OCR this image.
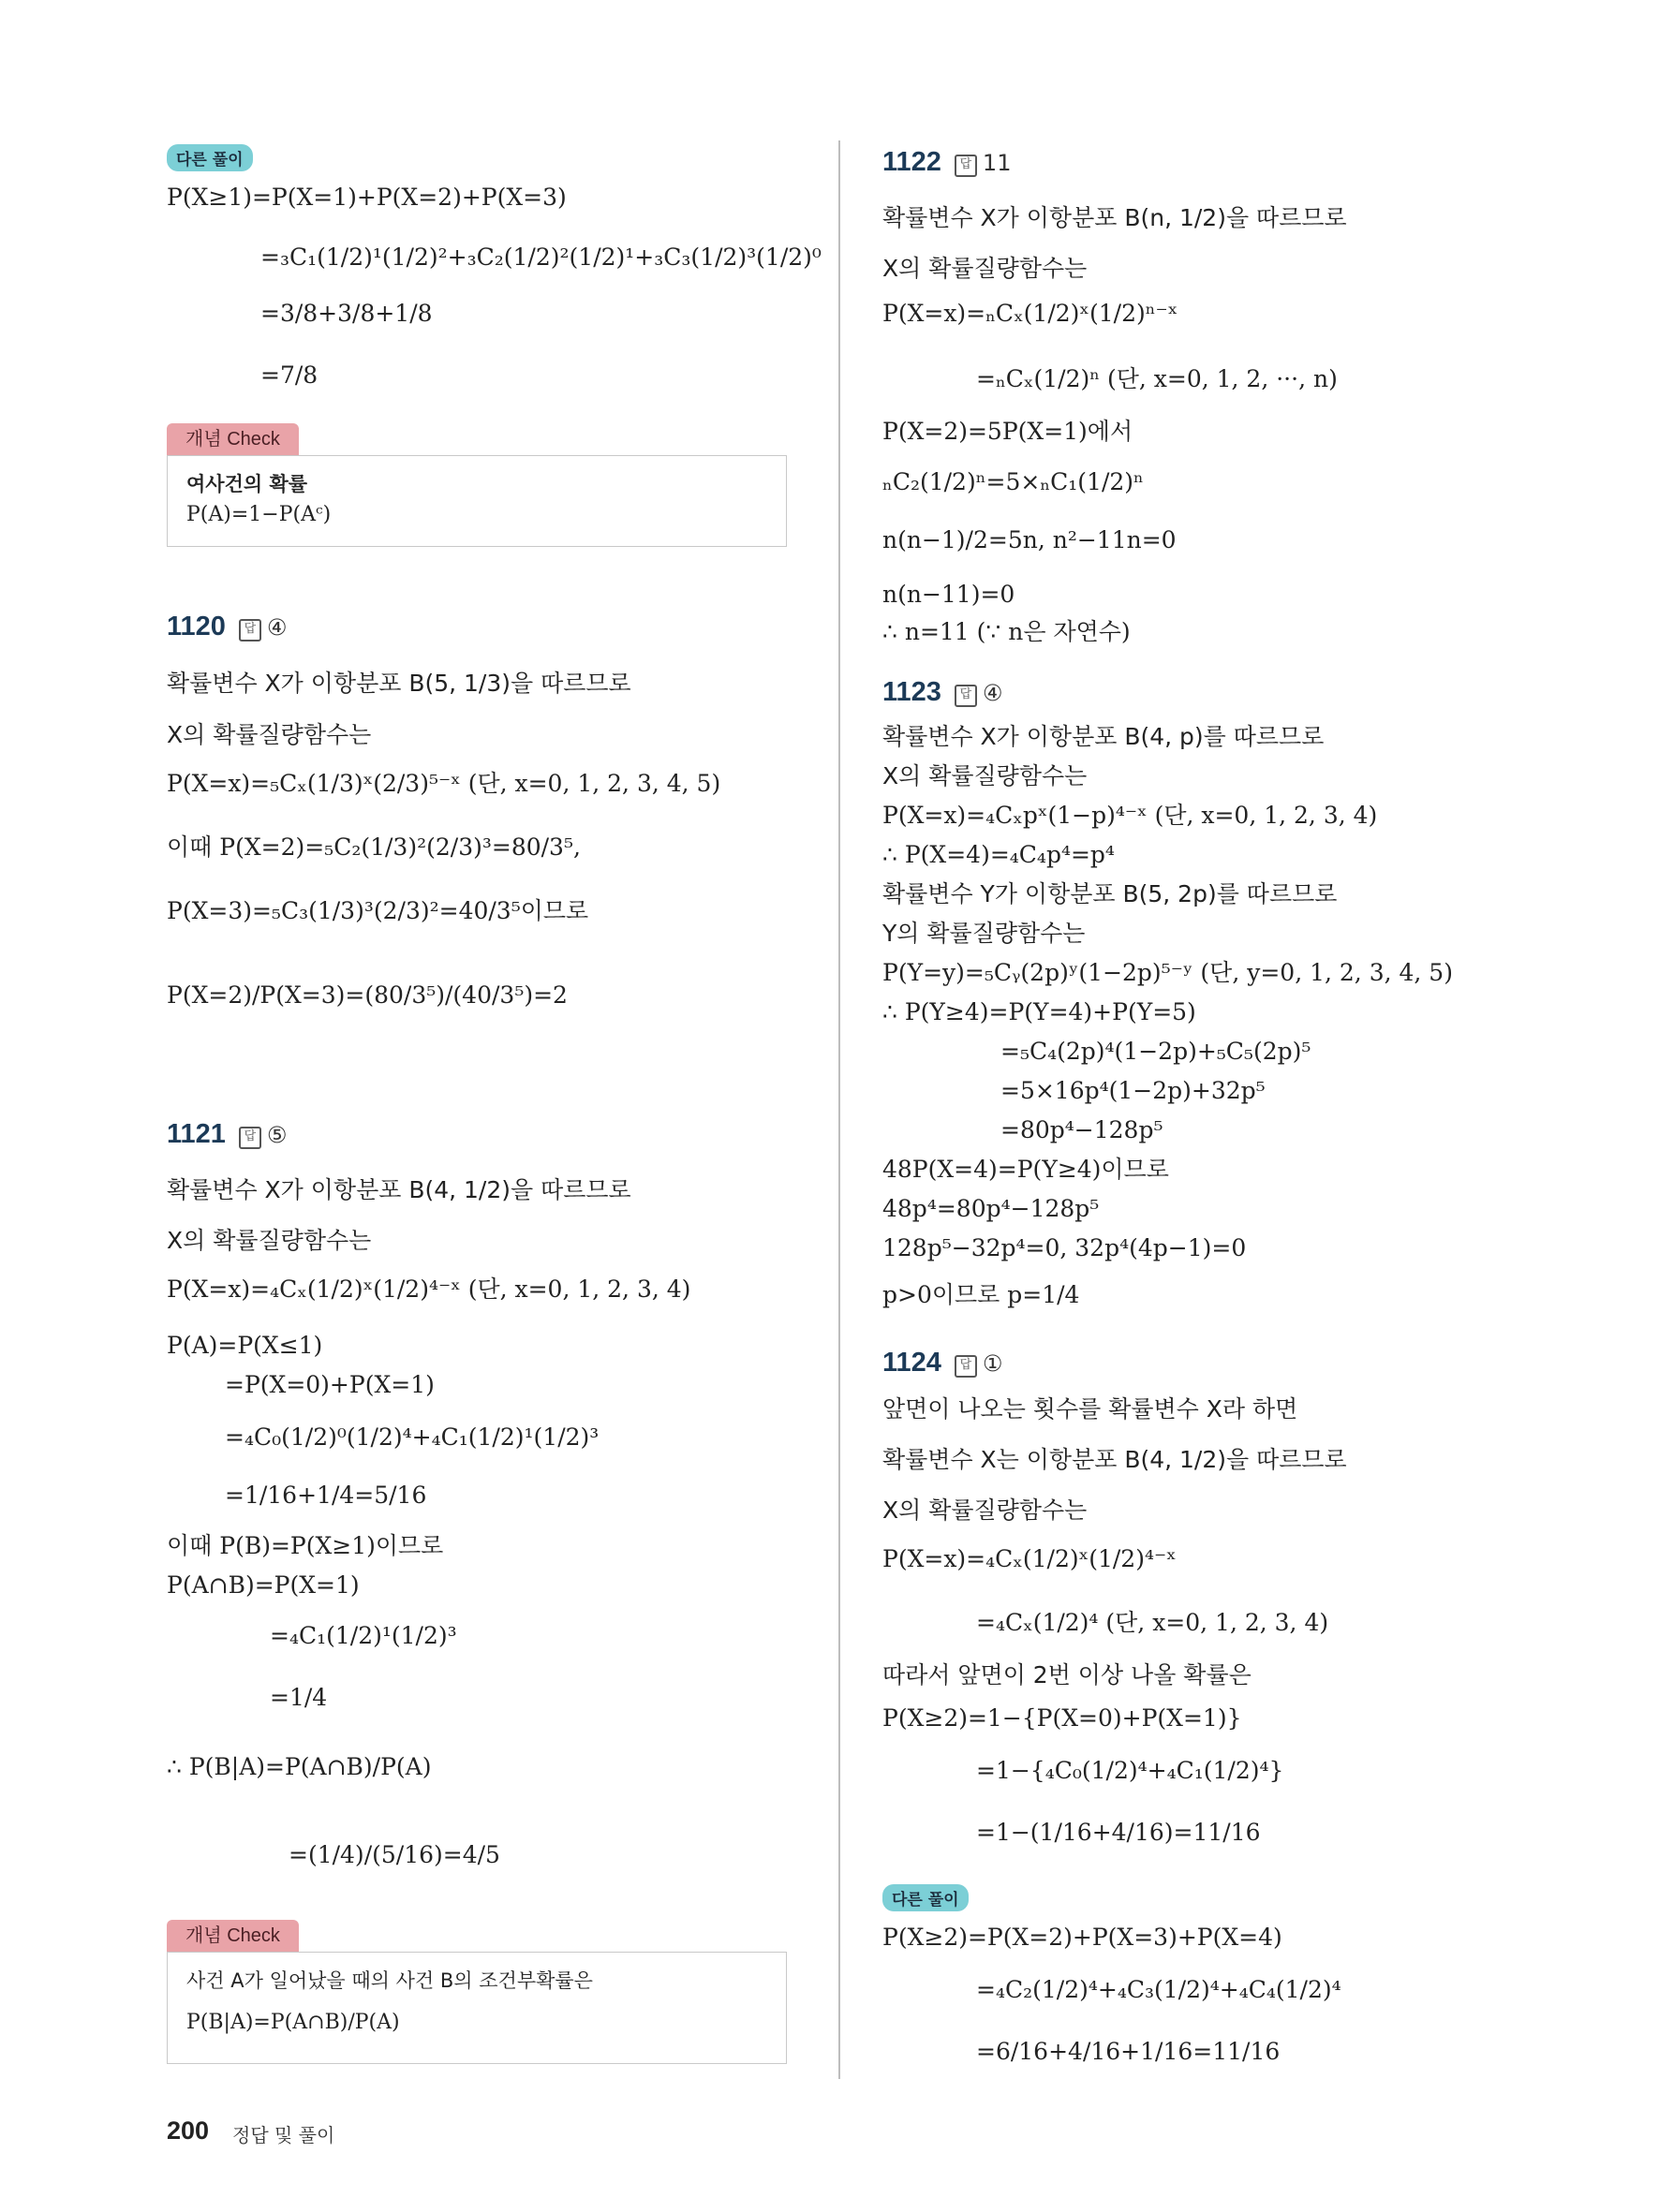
다른 풀이
P(X≥1)=P(X=1)+P(X=2)+P(X=3)
=₃C₁(1/2)¹(1/2)²+₃C₂(1/2)²(1/2)¹+₃C₃(1/2)³(1/2)⁰
=3/8+3/8+1/8
=7/8
개념 Check
여사건의 확률
P(A)=1−P(Aᶜ)
1120 답 ④
확률변수 X가 이항분포 B(5, 1/3)을 따르므로
X의 확률질량함수는
P(X=x)=₅Cₓ(1/3)ˣ(2/3)⁵⁻ˣ (단, x=0, 1, 2, 3, 4, 5)
이때 P(X=2)=₅C₂(1/3)²(2/3)³=80/3⁵,
P(X=3)=₅C₃(1/3)³(2/3)²=40/3⁵이므로
P(X=2)/P(X=3)=(80/3⁵)/(40/3⁵)=2
1121 답 ⑤
확률변수 X가 이항분포 B(4, 1/2)을 따르므로
X의 확률질량함수는
P(X=x)=₄Cₓ(1/2)ˣ(1/2)⁴⁻ˣ (단, x=0, 1, 2, 3, 4)
P(A)=P(X≤1)
=P(X=0)+P(X=1)
=₄C₀(1/2)⁰(1/2)⁴+₄C₁(1/2)¹(1/2)³
=1/16+1/4=5/16
이때 P(B)=P(X≥1)이므로
P(A∩B)=P(X=1)
=₄C₁(1/2)¹(1/2)³
=1/4
∴ P(B|A)=P(A∩B)/P(A)
=(1/4)/(5/16)=4/5
개념 Check
사건 A가 일어났을 때의 사건 B의 조건부확률은
P(B|A)=P(A∩B)/P(A)
1122 답 11
확률변수 X가 이항분포 B(n, 1/2)을 따르므로
X의 확률질량함수는
P(X=x)=ₙCₓ(1/2)ˣ(1/2)ⁿ⁻ˣ
=ₙCₓ(1/2)ⁿ (단, x=0, 1, 2, ···, n)
P(X=2)=5P(X=1)에서
ₙC₂(1/2)ⁿ=5×ₙC₁(1/2)ⁿ
n(n−1)/2=5n, n²−11n=0
n(n−11)=0
∴ n=11 (∵ n은 자연수)
1123 답 ④
확률변수 X가 이항분포 B(4, p)를 따르므로
X의 확률질량함수는
P(X=x)=₄Cₓpˣ(1−p)⁴⁻ˣ (단, x=0, 1, 2, 3, 4)
∴ P(X=4)=₄C₄p⁴=p⁴
확률변수 Y가 이항분포 B(5, 2p)를 따르므로
Y의 확률질량함수는
P(Y=y)=₅Cᵧ(2p)ʸ(1−2p)⁵⁻ʸ (단, y=0, 1, 2, 3, 4, 5)
∴ P(Y≥4)=P(Y=4)+P(Y=5)
=₅C₄(2p)⁴(1−2p)+₅C₅(2p)⁵
=5×16p⁴(1−2p)+32p⁵
=80p⁴−128p⁵
48P(X=4)=P(Y≥4)이므로
48p⁴=80p⁴−128p⁵
128p⁵−32p⁴=0, 32p⁴(4p−1)=0
p>0이므로 p=1/4
1124 답 ①
앞면이 나오는 횟수를 확률변수 X라 하면
확률변수 X는 이항분포 B(4, 1/2)을 따르므로
X의 확률질량함수는
P(X=x)=₄Cₓ(1/2)ˣ(1/2)⁴⁻ˣ
=₄Cₓ(1/2)⁴ (단, x=0, 1, 2, 3, 4)
따라서 앞면이 2번 이상 나올 확률은
P(X≥2)=1−{P(X=0)+P(X=1)}
=1−{₄C₀(1/2)⁴+₄C₁(1/2)⁴}
=1−(1/16+4/16)=11/16
다른 풀이
P(X≥2)=P(X=2)+P(X=3)+P(X=4)
=₄C₂(1/2)⁴+₄C₃(1/2)⁴+₄C₄(1/2)⁴
=6/16+4/16+1/16=11/16
200 정답 및 풀이
